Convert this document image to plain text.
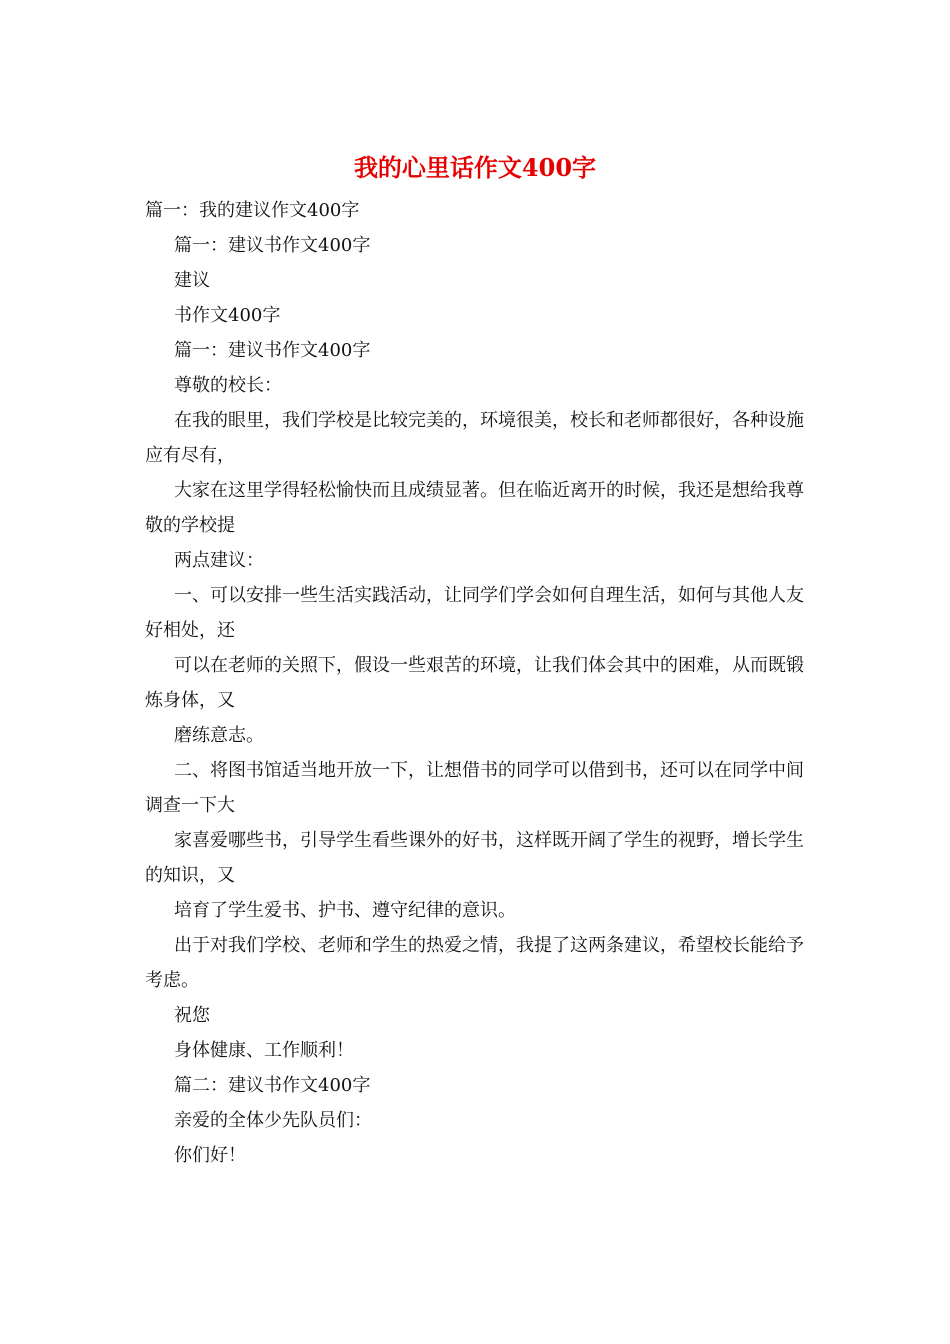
我的心里话作文400字

篇一：我的建议作文400字

篇一：建议书作文400字

建议

书作文400字

篇一：建议书作文400字

尊敬的校长：

在我的眼里，我们学校是比较完美的，环境很美，校长和老师都很好，各种设施应有尽有，

大家在这里学得轻松愉快而且成绩显著。但在临近离开的时候，我还是想给我尊敬的学校提

两点建议：

一、可以安排一些生活实践活动，让同学们学会如何自理生活，如何与其他人友好相处，还

可以在老师的关照下，假设一些艰苦的环境，让我们体会其中的困难，从而既锻炼身体，又

磨练意志。

二、将图书馆适当地开放一下，让想借书的同学可以借到书，还可以在同学中间调查一下大

家喜爱哪些书，引导学生看些课外的好书，这样既开阔了学生的视野，增长学生的知识，又

培育了学生爱书、护书、遵守纪律的意识。

出于对我们学校、老师和学生的热爱之情，我提了这两条建议，希望校长能给予考虑。

祝您

身体健康、工作顺利！

篇二：建议书作文400字

亲爱的全体少先队员们：

你们好！
